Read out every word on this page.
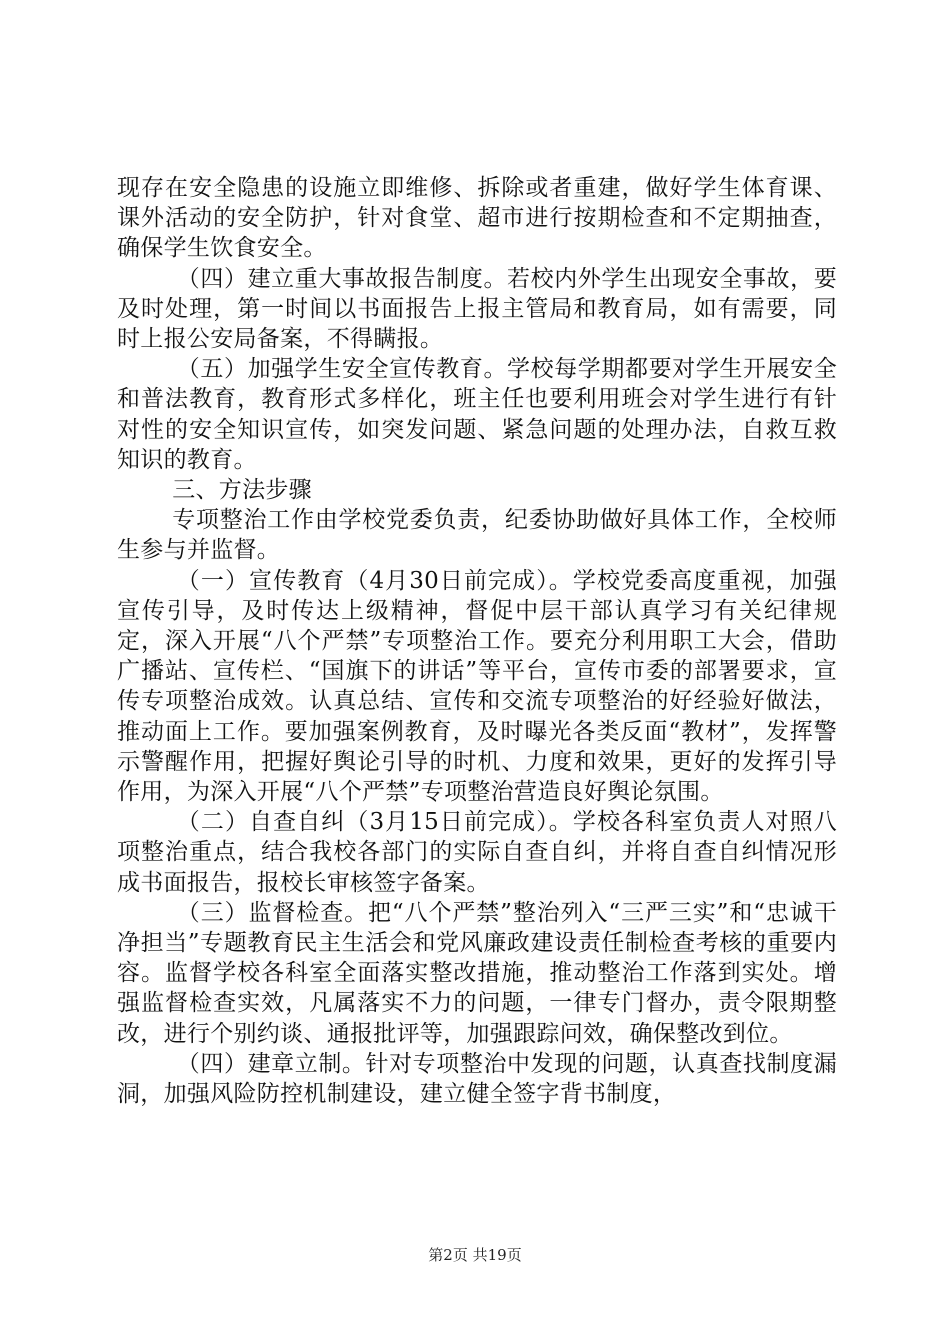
现存在安全隐患的设施立即维修、拆除或者重建，做好学生体育课、课外活动的安全防护，针对食堂、超市进行按期检查和不定期抽查，确保学生饮食安全。

（四）建立重大事故报告制度。若校内外学生出现安全事故，要及时处理，第一时间以书面报告上报主管局和教育局，如有需要，同时上报公安局备案，不得瞒报。

（五）加强学生安全宣传教育。学校每学期都要对学生开展安全和普法教育，教育形式多样化，班主任也要利用班会对学生进行有针对性的安全知识宣传，如突发问题、紧急问题的处理办法，自救互救知识的教育。

三、方法步骤

专项整治工作由学校党委负责，纪委协助做好具体工作，全校师生参与并监督。

（一）宣传教育（4月30日前完成）。学校党委高度重视，加强宣传引导，及时传达上级精神，督促中层干部认真学习有关纪律规定，深入开展“八个严禁”专项整治工作。要充分利用职工大会，借助广播站、宣传栏、“国旗下的讲话”等平台，宣传市委的部署要求，宣传专项整治成效。认真总结、宣传和交流专项整治的好经验好做法，推动面上工作。要加强案例教育，及时曝光各类反面“教材”，发挥警示警醒作用，把握好舆论引导的时机、力度和效果，更好的发挥引导作用，为深入开展“八个严禁”专项整治营造良好舆论氛围。

（二）自查自纠（3月15日前完成）。学校各科室负责人对照八项整治重点，结合我校各部门的实际自查自纠，并将自查自纠情况形成书面报告，报校长审核签字备案。

（三）监督检查。把“八个严禁”整治列入“三严三实”和“忠诚干净担当”专题教育民主生活会和党风廉政建设责任制检查考核的重要内容。监督学校各科室全面落实整改措施，推动整治工作落到实处。增强监督检查实效，凡属落实不力的问题，一律专门督办，责令限期整改，进行个别约谈、通报批评等，加强跟踪问效，确保整改到位。

（四）建章立制。针对专项整治中发现的问题，认真查找制度漏洞，加强风险防控机制建设，建立健全签字背书制度，

第2页 共19页
